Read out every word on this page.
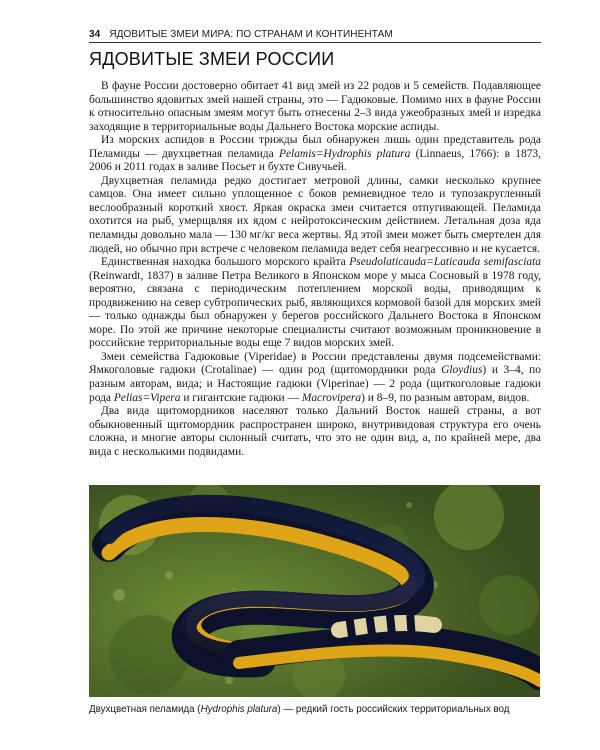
34 ЯДОВИТЫЕ ЗМЕИ МИРА: ПО СТРАНАМ И КОНТИНЕНТАМ
ЯДОВИТЫЕ ЗМЕИ РОССИИ

В фауне России достоверно обитает 41 вид змей из 22 родов и 5 семейств. Подавляющее большинство ядовитых змей нашей страны, это — Гадюковые. Помимо них в фауне России к относительно опасным змеям могут быть отнесены 2–3 вида ужеобразных змей и изредка заходящие в территориальные воды Дальнего Востока морские аспиды.

Из морских аспидов в России трижды был обнаружен лишь один представитель рода Пеламиды — двухцветная пеламида Pelamis=Hydrophis platura (Linnaeus, 1766): в 1873, 2006 и 2011 годах в заливе Посьет и бухте Сивучьей.

Двухцветная пеламида редко достигает метровой длины, самки несколько крупнее самцов. Она имеет сильно уплощенное с боков ремневидное тело и тупозакругленный веслообразный короткий хвост. Яркая окраска змеи считается отпугивающей. Пеламида охотится на рыб, умерщвляя их ядом с нейротоксическим действием. Летальная доза яда пеламиды довольно мала — 130 мг/кг веса жертвы. Яд этой змеи может быть смертелен для людей, но обычно при встрече с человеком пеламида ведет себя неагрессивно и не кусается.

Единственная находка большого морского крайта Pseudolaticauda=Laticauda semifasciata (Reinwardt, 1837) в заливе Петра Великого в Японском море у мыса Сосновый в 1978 году, вероятно, связана с периодическим потеплением морской воды, приводящим к продвижению на север субтропических рыб, являющихся кормовой базой для морских змей — только однажды был обнаружен у берегов российского Дальнего Востока в Японском море. По этой же причине некоторые специалисты считают возможным проникновение в российские территориальные воды еще 7 видов морских змей.

Змеи семейства Гадюковые (Viperidae) в России представлены двумя подсемействами: Ямкоголовые гадюки (Crotalinae) — один род (щитомордники рода Gloydius) и 3–4, по разным авторам, вида; и Настоящие гадюки (Viperinae) — 2 рода (щиткоголовые гадюки рода Pelias=Vipera и гигантские гадюки — Macrovipera) и 8–9, по разным авторам, видов.

Два вида щитомордников населяют только Дальний Восток нашей страны, а вот обыкновенный щитомордник распространен широко, внутривидовая структура его очень сложна, и многие авторы склонный считать, что это не один вид, а, по крайней мере, два вида с несколькими подвидами.

Двухцветная пеламида (Hydrophis platura) — редкий гость российских территориальных вод
